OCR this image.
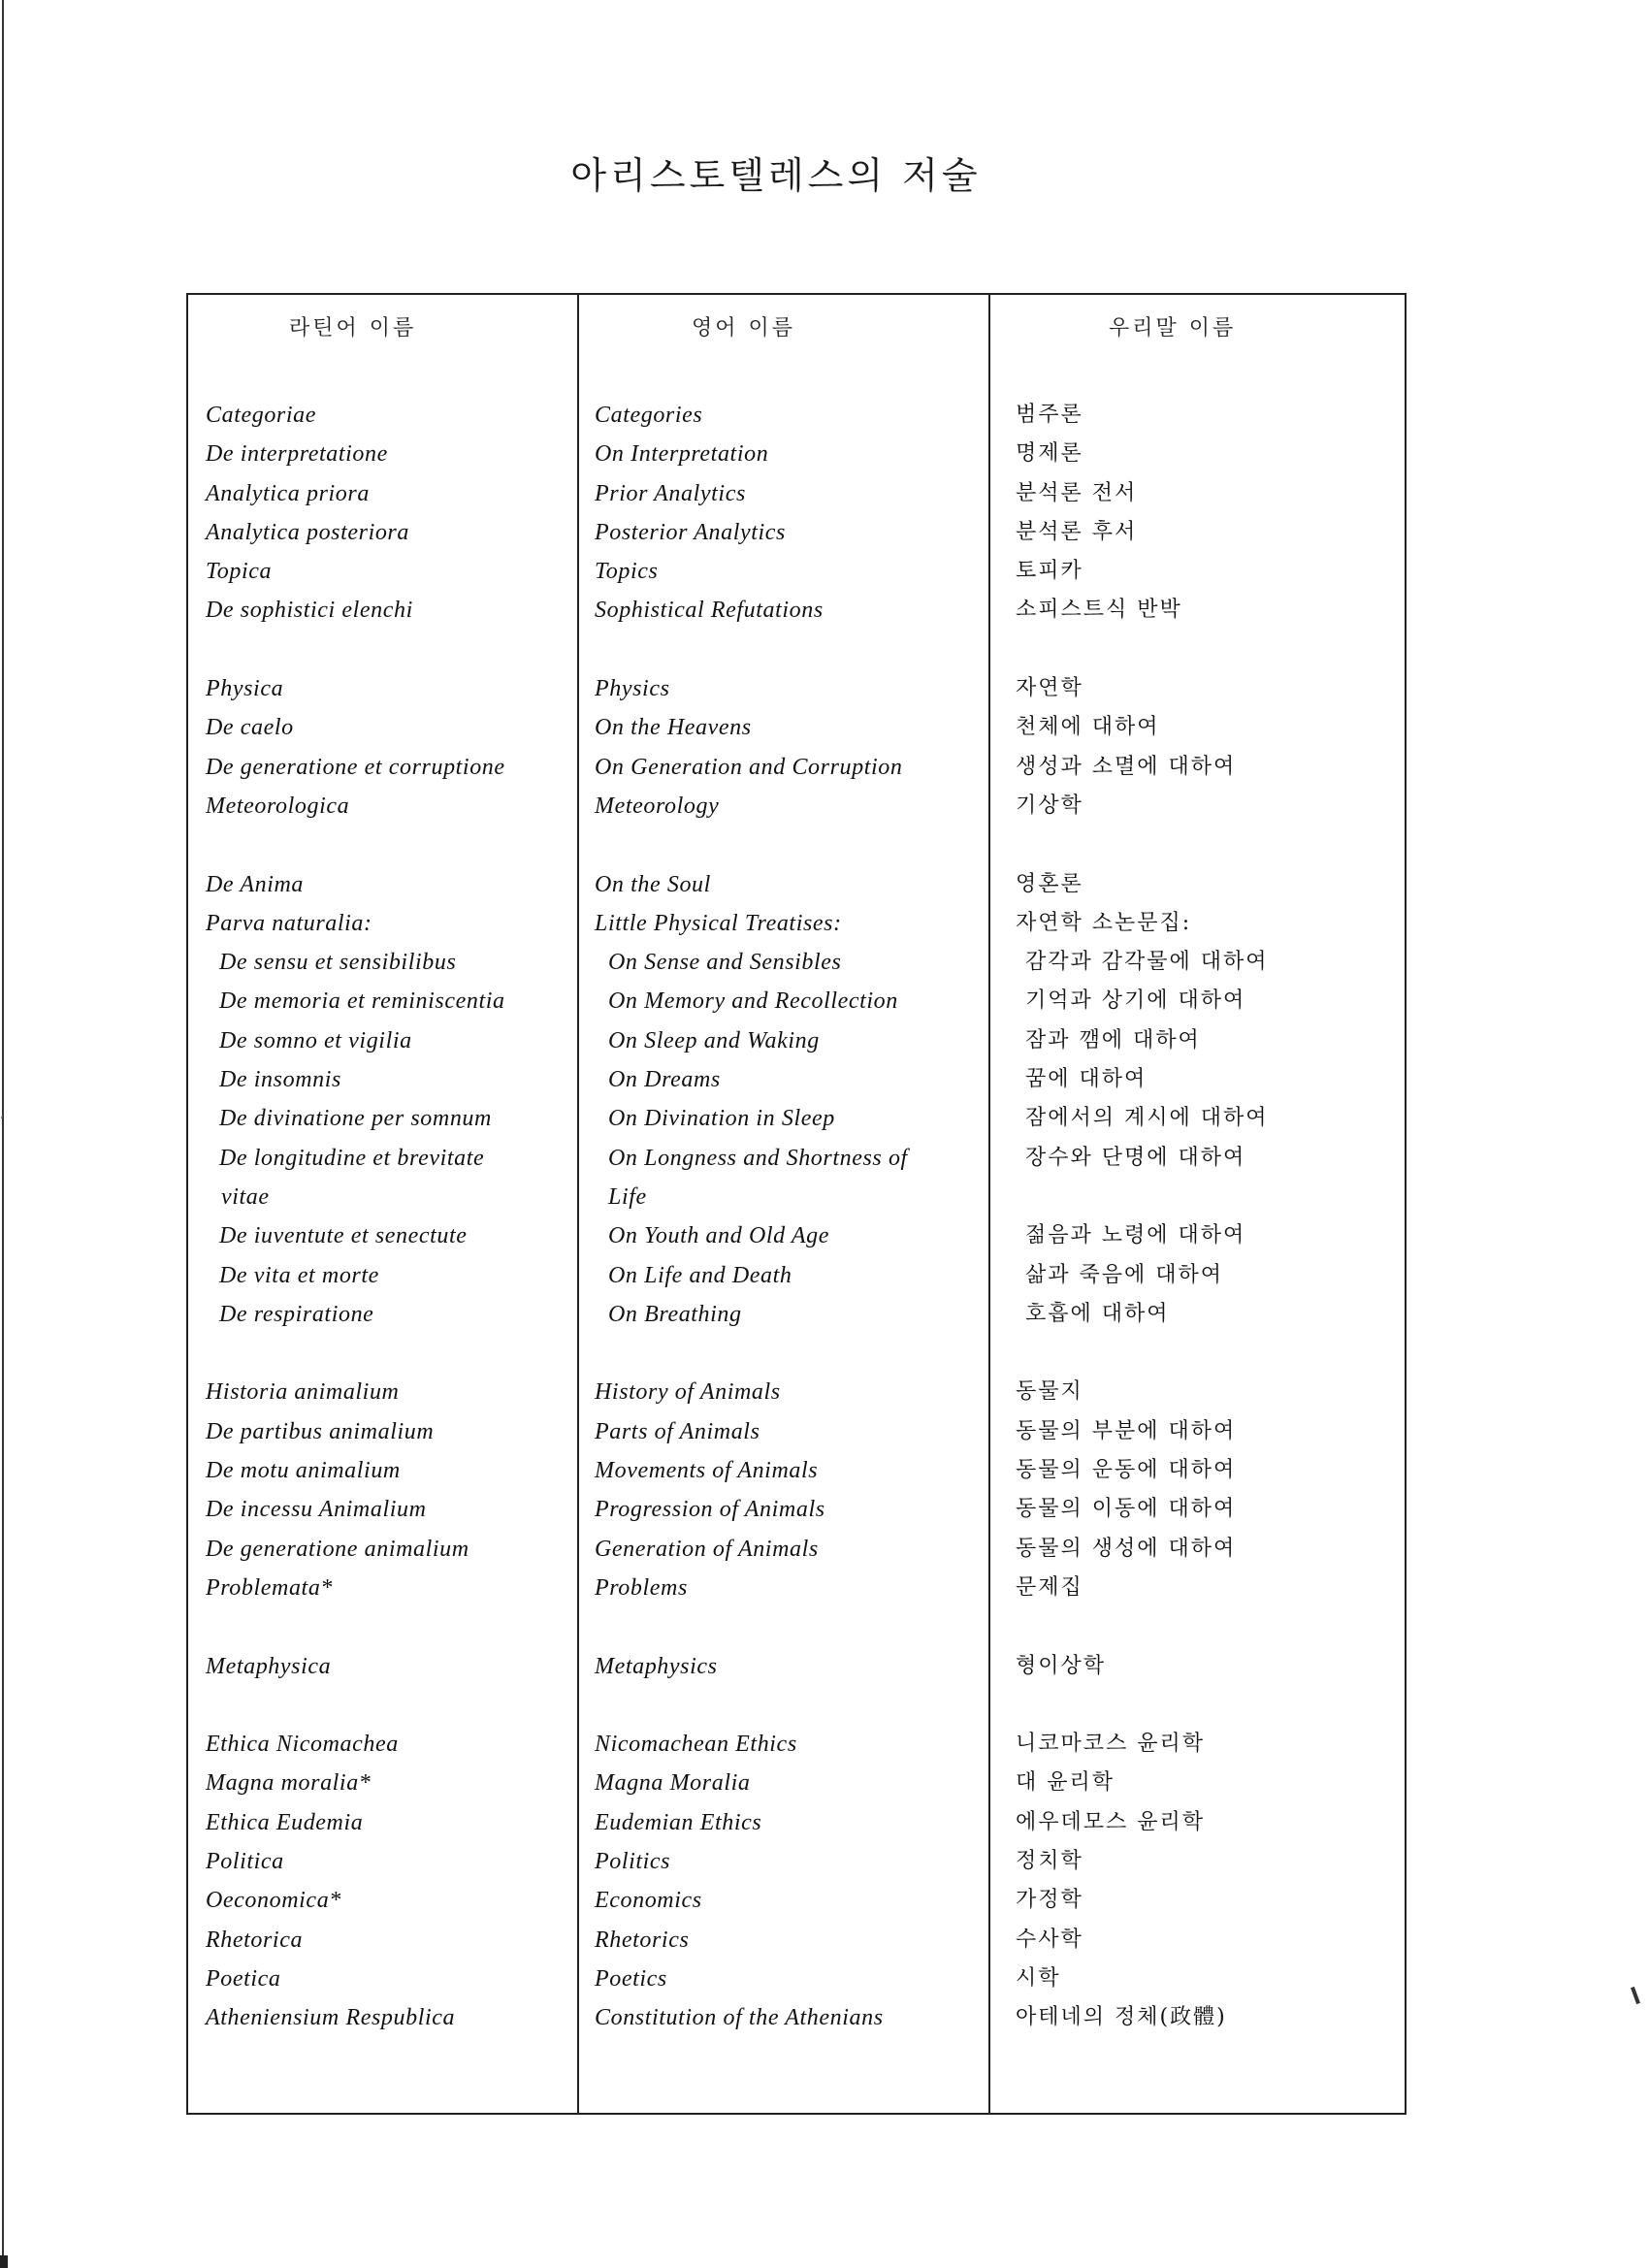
아리스토텔레스의 저술
라틴어 이름
Categoriae
De interpretatione
Analytica priora
Analytica posteriora
Topica
De sophistici elenchi
Physica
De caelo
De generatione et corruptione
Meteorologica
De Anima
Parva naturalia:
De sensu et sensibilibus
De memoria et reminiscentia
De somno et vigilia
De insomnis
De divinatione per somnum
De longitudine et brevitate
vitae
De iuventute et senectute
De vita et morte
De respiratione
Historia animalium
De partibus animalium
De motu animalium
De incessu Animalium
De generatione animalium
Problemata*
Metaphysica
Ethica Nicomachea
Magna moralia*
Ethica Eudemia
Politica
Oeconomica*
Rhetorica
Poetica
Atheniensium Respublica
영어 이름
Categories
On Interpretation
Prior Analytics
Posterior Analytics
Topics
Sophistical Refutations
Physics
On the Heavens
On Generation and Corruption
Meteorology
On the Soul
Little Physical Treatises:
On Sense and Sensibles
On Memory and Recollection
On Sleep and Waking
On Dreams
On Divination in Sleep
On Longness and Shortness of
Life
On Youth and Old Age
On Life and Death
On Breathing
History of Animals
Parts of Animals
Movements of Animals
Progression of Animals
Generation of Animals
Problems
Metaphysics
Nicomachean Ethics
Magna Moralia
Eudemian Ethics
Politics
Economics
Rhetorics
Poetics
Constitution of the Athenians
우리말 이름
범주론
명제론
분석론 전서
분석론 후서
토피카
소피스트식 반박
자연학
천체에 대하여
생성과 소멸에 대하여
기상학
영혼론
자연학 소논문집:
감각과 감각물에 대하여
기억과 상기에 대하여
잠과 깸에 대하여
꿈에 대하여
잠에서의 계시에 대하여
장수와 단명에 대하여
젊음과 노령에 대하여
삶과 죽음에 대하여
호흡에 대하여
동물지
동물의 부분에 대하여
동물의 운동에 대하여
동물의 이동에 대하여
동물의 생성에 대하여
문제집
형이상학
니코마코스 윤리학
대 윤리학
에우데모스 윤리학
정치학
가정학
수사학
시학
아테네의 정체(政體)
‘
